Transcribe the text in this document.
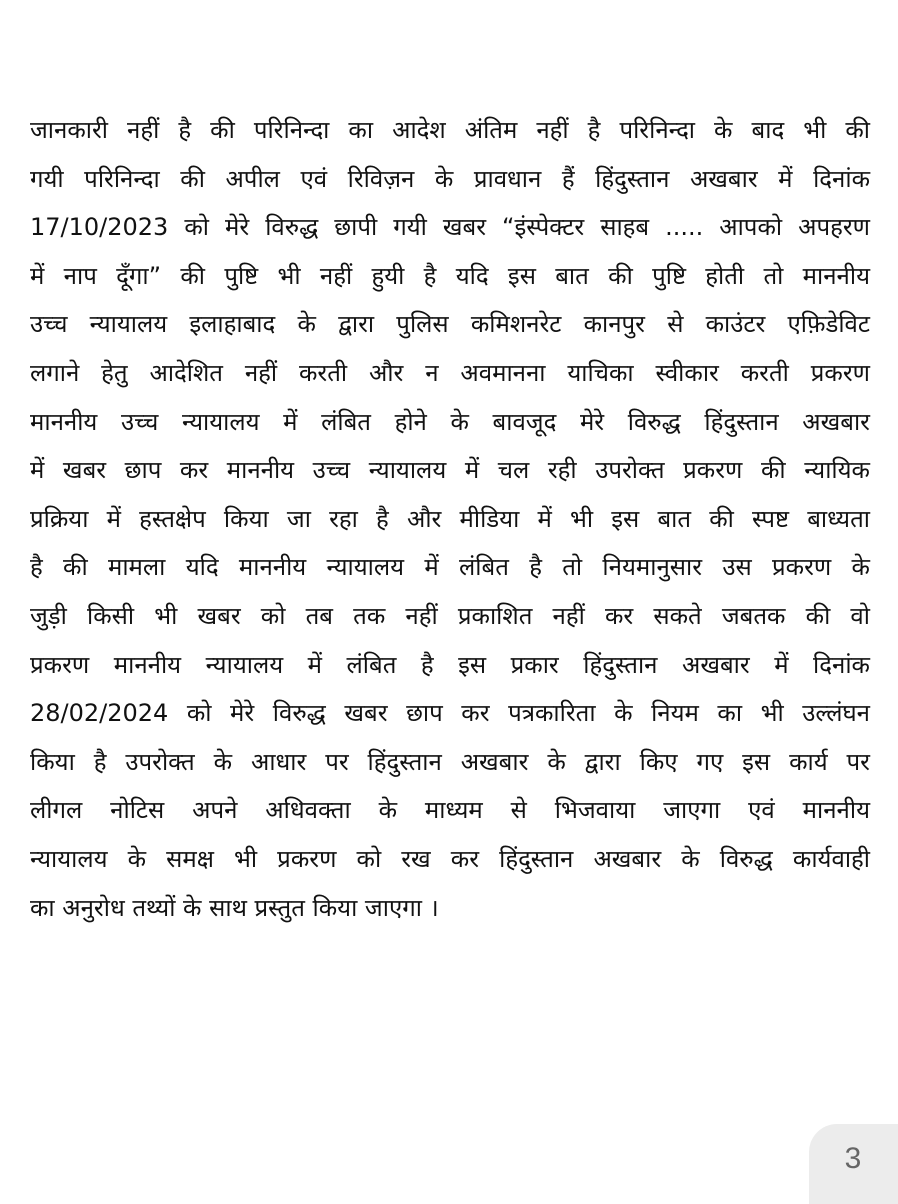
जानकारी नहीं है की परिनिन्दा का आदेश अंतिम नहीं है परिनिन्दा के बाद भी की
गयी परिनिन्दा की अपील एवं रिविज़न के प्रावधान हैं हिंदुस्तान अखबार में दिनांक
17/10/2023 को मेरे विरुद्ध छापी गयी खबर “इंस्पेक्टर साहब ..... आपको अपहरण
में नाप दूँगा” की पुष्टि भी नहीं हुयी है यदि इस बात की पुष्टि होती तो माननीय
उच्च न्यायालय इलाहाबाद के द्वारा पुलिस कमिशनरेट कानपुर से काउंटर एफ़िडेविट
लगाने हेतु आदेशित नहीं करती और न अवमानना याचिका स्वीकार करती प्रकरण
माननीय उच्च न्यायालय में लंबित होने के बावजूद मेरे विरुद्ध हिंदुस्तान अखबार
में खबर छाप कर माननीय उच्च न्यायालय में चल रही उपरोक्त प्रकरण की न्यायिक
प्रक्रिया में हस्तक्षेप किया जा रहा है और मीडिया में भी इस बात की स्पष्ट बाध्यता
है की मामला यदि माननीय न्यायालय में लंबित है तो नियमानुसार उस प्रकरण के
जुड़ी किसी भी खबर को तब तक नहीं प्रकाशित नहीं कर सकते जबतक की वो
प्रकरण माननीय न्यायालय में लंबित है इस प्रकार हिंदुस्तान अखबार में दिनांक
28/02/2024 को मेरे विरुद्ध खबर छाप कर पत्रकारिता के नियम का भी उल्लंघन
किया है उपरोक्त के आधार पर हिंदुस्तान अखबार के द्वारा किए गए इस कार्य पर
लीगल नोटिस अपने अधिवक्ता के माध्यम से भिजवाया जाएगा एवं माननीय
न्यायालय के समक्ष भी प्रकरण को रख कर हिंदुस्तान अखबार के विरुद्ध कार्यवाही
का अनुरोध तथ्यों के साथ प्रस्तुत किया जाएगा ।
3
